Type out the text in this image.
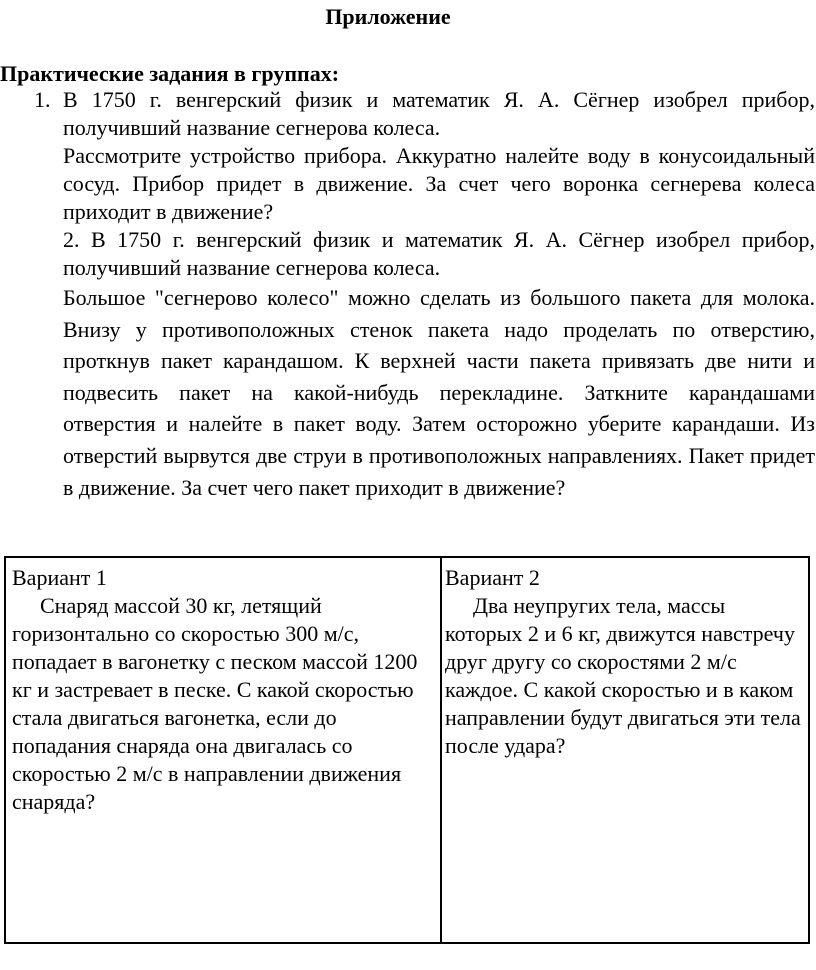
Приложение
Практические задания в группах:
1. В 1750 г. венгерский физик и математик Я. А. Сёгнер изобрел прибор, получивший название сегнерова колеса.

Рассмотрите устройство прибора. Аккуратно налейте воду в конусоидальный сосуд. Прибор придет в движение. За счет чего воронка сегнерева колеса приходит в движение?

2. В 1750 г. венгерский физик и математик Я. А. Сёгнер изобрел прибор, получивший название сегнерова колеса.

Большое "сегнерово колесо" можно сделать из большого пакета для молока. Внизу у противоположных стенок пакета надо проделать по отверстию, проткнув пакет карандашом. К верхней части пакета привязать две нити и подвесить пакет на какой-нибудь перекладине. Заткните карандашами отверстия и налейте в пакет воду. Затем осторожно уберите карандаши. Из отверстий вырвутся две струи в противоположных направлениях. Пакет придет в движение. За счет чего пакет приходит в движение?

Вариант 1
Снаряд массой 30 кг, летящий горизонтально со скоростью 300 м/с, попадает в вагонетку с песком массой 1200 кг и застревает в песке. С какой скоростью стала двигаться вагонетка, если до попадания снаряда она двигалась со скоростью 2 м/с в направлении движения снаряда?
Вариант 2
Два неупругих тела, массы которых 2 и 6 кг, движутся навстречу друг другу со скоростями 2 м/с каждое. С какой скоростью и в каком направлении будут двигаться эти тела после удара?
